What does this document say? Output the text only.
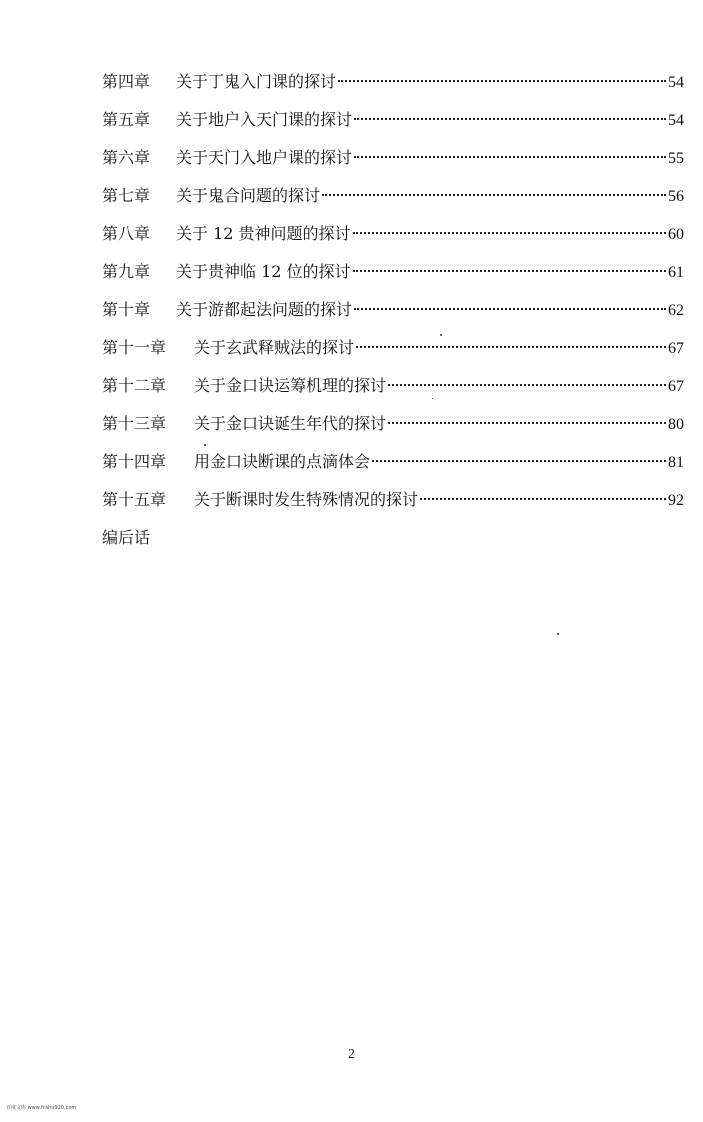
第四章	关于丁鬼入门课的探讨	54
第五章	关于地户入天门课的探讨	54
第六章	关于天门入地户课的探讨	55
第七章	关于鬼合问题的探讨	56
第八章	关于 12 贵神问题的探讨	60
第九章	关于贵神临 12 位的探讨	61
第十章	关于游都起法问题的探讨	62
第十一章	关于玄武释贼法的探讨	67
第十二章	关于金口诀运筹机理的探讨	67
第十三章	关于金口诀诞生年代的探讨	80
第十四章	用金口诀断课的点滴体会	81
第十五章	关于断课时发生特殊情况的探讨	92
编后话
2
百度文库 www.fcshu920.com
